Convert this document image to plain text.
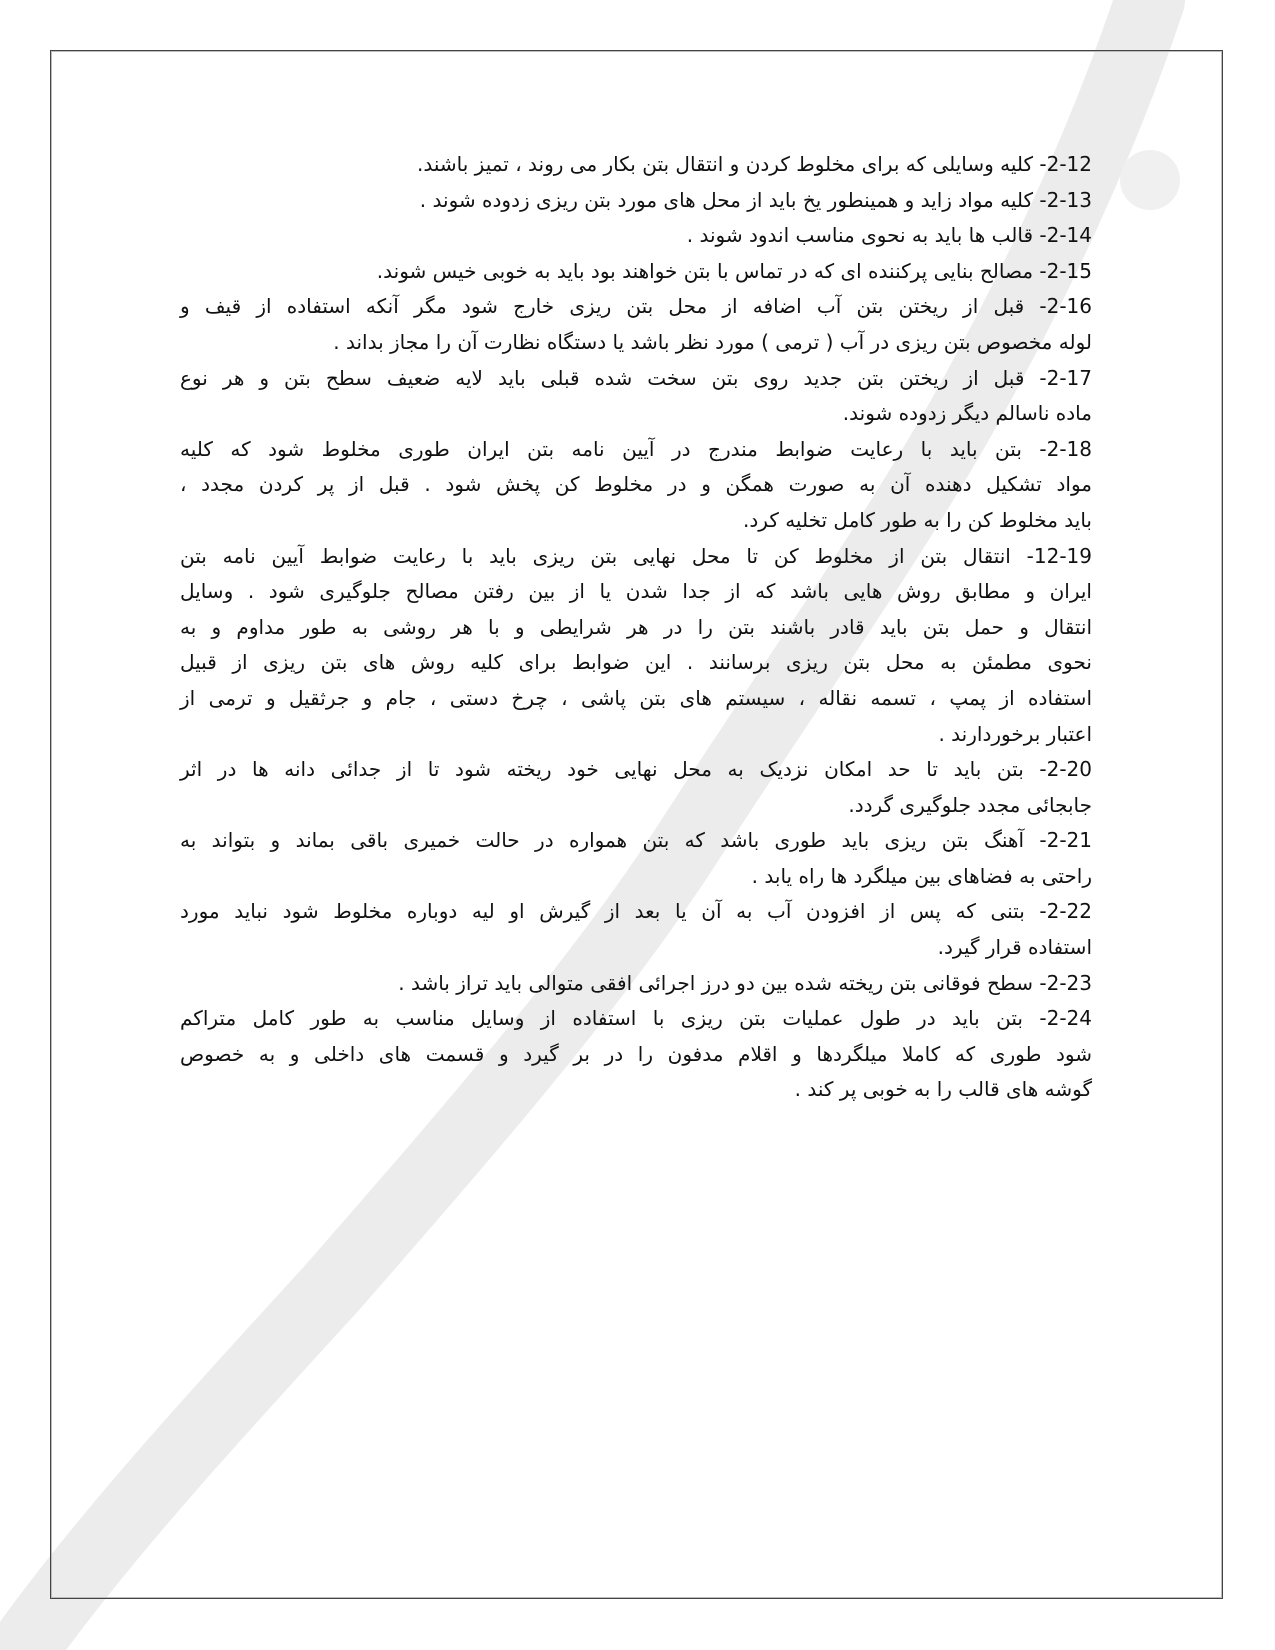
2-12- کلیه وسایلی که برای مخلوط کردن و انتقال بتن بکار می روند ، تمیز باشند.
2-13- کلیه مواد زاید و همینطور یخ باید از محل های مورد بتن ریزی زدوده شوند .
2-14- قالب ها باید به نحوی مناسب اندود شوند .
2-15- مصالح بنایی پرکننده ای که در تماس با بتن خواهند بود باید به خوبی خیس شوند.
2-16- قبل از ریختن بتن آب اضافه از محل بتن ریزی خارج شود مگر آنکه استفاده از قیف و
لوله مخصوص بتن ریزی در آب ( ترمی ) مورد نظر باشد یا دستگاه نظارت آن را مجاز بداند .
2-17- قبل از ریختن بتن جدید روی بتن سخت شده قبلی باید لایه ضعیف سطح بتن و هر نوع
ماده ناسالم دیگر زدوده شوند.
2-18- بتن باید با رعایت ضوابط مندرج در آیین نامه بتن ایران طوری مخلوط شود که کلیه
مواد تشکیل دهنده آن به صورت همگن و در مخلوط کن پخش شود . قبل از پر کردن مجدد ،
باید مخلوط کن را به طور کامل تخلیه کرد.
12-19- انتقال بتن از مخلوط کن تا محل نهایی بتن ریزی باید با رعایت ضوابط آیین نامه بتن
ایران و مطابق روش هایی باشد که از جدا شدن یا از بین رفتن مصالح جلوگیری شود . وسایل
انتقال و حمل بتن باید قادر باشند بتن را در هر شرایطی و با هر روشی به طور مداوم و به
نحوی مطمئن به محل بتن ریزی برسانند . این ضوابط برای کلیه روش های بتن ریزی از قبیل
استفاده از پمپ ، تسمه نقاله ، سیستم های بتن پاشی ، چرخ دستی ، جام و جرثقیل و ترمی از
اعتبار برخوردارند .
2-20- بتن باید تا حد امکان نزدیک به محل نهایی خود ریخته شود تا از جدائی دانه ها در اثر
جابجائی مجدد جلوگیری گردد.
2-21- آهنگ بتن ریزی باید طوری باشد که بتن همواره در حالت خمیری باقی بماند و بتواند به
راحتی به فضاهای بین میلگرد ها راه یابد .
2-22- بتنی که پس از افزودن آب به آن یا بعد از گیرش او لیه دوباره مخلوط شود نباید مورد
استفاده قرار گیرد.
2-23- سطح فوقانی بتن ریخته شده بین دو درز اجرائی افقی متوالی باید تراز باشد .
2-24- بتن باید در طول عملیات بتن ریزی با استفاده از وسایل مناسب به طور کامل متراکم
شود طوری که کاملا میلگردها و اقلام مدفون را در بر گیرد و قسمت های داخلی و به خصوص
گوشه های قالب را به خوبی پر کند .
